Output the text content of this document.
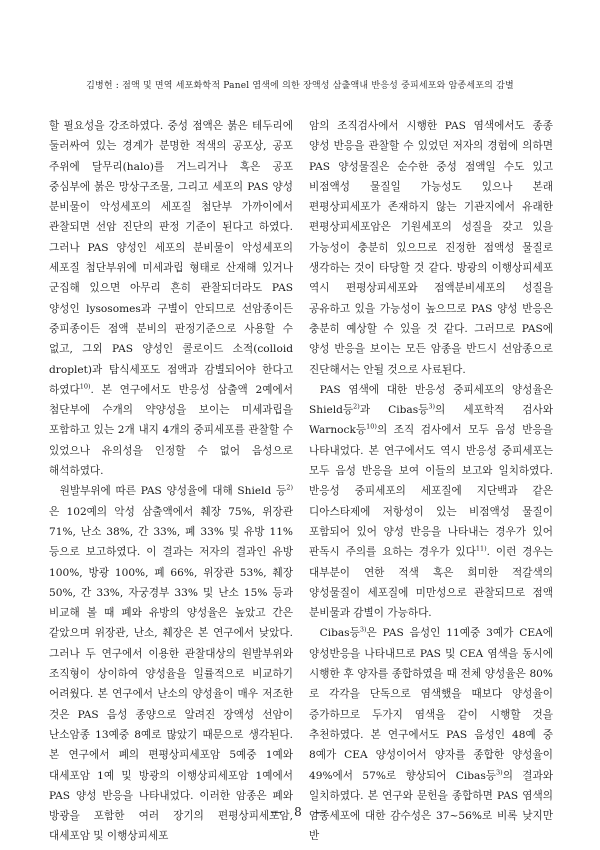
김병헌 : 점액 및 면역 세포화학적 Panel 염색에 의한 장액성 삼출액내 반응성 중피세포와 암종세포의 감별

할 필요성을 강조하였다. 중성 점액은 붉은 테두리에 둘러싸여 있는 경계가 분명한 적색의 공포상, 공포 주위에 달무리(halo)를 거느리거나 혹은 공포 중심부에 붉은 망상구조물, 그리고 세포의 PAS 양성 분비물이 악성세포의 세포질 첨단부 가까이에서 관찰되면 선암 진단의 판정 기준이 된다고 하였다. 그러나 PAS 양성인 세포의 분비물이 악성세포의 세포질 첨단부위에 미세과립 형태로 산재해 있거나 군집해 있으면 아무리 흔히 관찰되더라도 PAS 양성인 lysosomes과 구별이 안되므로 선암종이든 중피종이든 점액 분비의 판정기준으로 사용할 수 없고, 그외 PAS 양성인 콜로이드 소적(colloid droplet)과 탐식세포도 점액과 감별되어야 한다고 하였다$^{10)}$. 본 연구에서도 반응성 삼출액 2예에서 첨단부에 수개의 약양성을 보이는 미세과립을 포함하고 있는 2개 내지 4개의 중피세포를 관찰할 수 있었으나 유의성을 인정할 수 없어 음성으로 해석하였다.

원발부위에 따른 PAS 양성율에 대해 Shield 등$^{2)}$은 102예의 악성 삼출액에서 췌장 75%, 위장관 71%, 난소 38%, 간 33%, 폐 33% 및 유방 11% 등으로 보고하였다. 이 결과는 저자의 결과인 유방 100%, 방광 100%, 폐 66%, 위장관 53%, 췌장 50%, 간 33%, 자궁경부 33% 및 난소 15% 등과 비교해 볼 때 폐와 유방의 양성율은 높았고 간은 같았으며 위장관, 난소, 췌장은 본 연구에서 낮았다. 그러나 두 연구에서 이용한 관찰대상의 원발부위와 조직형이 상이하여 양성율을 일률적으로 비교하기 어려웠다. 본 연구에서 난소의 양성율이 매우 저조한 것은 PAS 음성 종양으로 알려진 장액성 선암이 난소암종 13예중 8예로 많았기 때문으로 생각된다. 본 연구에서 폐의 편평상피세포암 5예중 1예와 대세포암 1예 및 방광의 이행상피세포암 1예에서 PAS 양성 반응을 나타내었다. 이러한 암종은 폐와 방광을 포함한 여러 장기의 편평상피세포암, 대세포암 및 이행상피세포

암의 조직검사에서 시행한 PAS 염색에서도 종종 양성 반응을 관찰할 수 있었던 저자의 경험에 의하면 PAS 양성물질은 순수한 중성 점액일 수도 있고 비점액성 물질일 가능성도 있으나 본래 편평상피세포가 존재하지 않는 기관지에서 유래한 편평상피세포암은 기원세포의 성질을 갖고 있을 가능성이 충분히 있으므로 진정한 점액성 물질로 생각하는 것이 타당할 것 같다. 방광의 이행상피세포 역시 편평상피세포와 점액분비세포의 성질을 공유하고 있을 가능성이 높으므로 PAS 양성 반응은 충분히 예상할 수 있을 것 같다. 그러므로 PAS에 양성 반응을 보이는 모든 암종을 반드시 선암종으로 진단해서는 안될 것으로 사료된다.

PAS 염색에 대한 반응성 중피세포의 양성율은 Shield등$^{2)}$과 Cibas등$^{3)}$의 세포학적 검사와 Warnock등$^{10)}$의 조직 검사에서 모두 음성 반응을 나타내었다. 본 연구에서도 역시 반응성 중피세포는 모두 음성 반응을 보여 이들의 보고와 일치하였다. 반응성 중피세포의 세포질에 지단백과 같은 디아스타제에 저항성이 있는 비점액성 물질이 포함되어 있어 양성 반응을 나타내는 경우가 있어 판독시 주의를 요하는 경우가 있다$^{11)}$. 이런 경우는 대부분이 연한 적색 혹은 희미한 적갈색의 양성물질이 세포질에 미만성으로 관찰되므로 점액 분비물과 감별이 가능하다.

Cibas등$^{3)}$은 PAS 음성인 11예중 3예가 CEA에 양성반응을 나타내므로 PAS 및 CEA 염색을 동시에 시행한 후 양자를 종합하였을 때 전체 양성율은 80%로 각각을 단독으로 염색했을 때보다 양성율이 증가하므로 두가지 염색을 같이 시행할 것을 추천하였다. 본 연구에서도 PAS 음성인 48예 중 8예가 CEA 양성이어서 양자를 종합한 양성율이 49%에서 57%로 향상되어 Cibas등$^{3)}$의 결과와 일치하였다. 본 연구와 문헌을 종합하면 PAS 염색의 암종세포에 대한 감수성은 37~56%로 비록 낮지만 반

— 8 —
